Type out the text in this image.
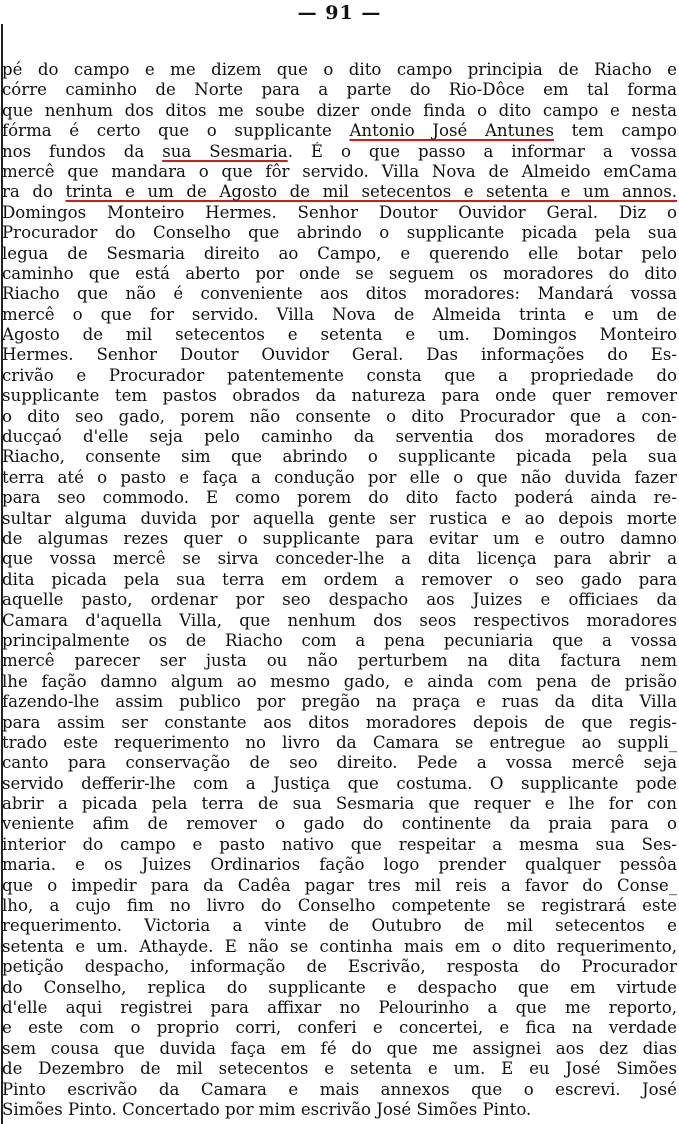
— 91 —
pé do campo e me dizem que o dito campo principia de Riacho e
córre caminho de Norte para a parte do Rio-Dôce em tal forma
que nenhum dos ditos me soube dizer onde finda o dito campo e nesta
fórma é certo que o supplicante Antonio José Antunes tem campo
nos fundos da sua Sesmaria. É o que passo a informar a vossa
mercê que mandara o que fôr servido. Villa Nova de Almeido emCama
ra do trinta e um de Agosto de mil setecentos e setenta e um annos.
Domingos Monteiro Hermes. Senhor Doutor Ouvidor Geral. Diz o
Procurador do Conselho que abrindo o supplicante picada pela sua
legua de Sesmaria direito ao Campo, e querendo elle botar pelo
caminho que está aberto por onde se seguem os moradores do dito
Riacho que não é conveniente aos ditos moradores: Mandará vossa
mercê o que for servido. Villa Nova de Almeida trinta e um de
Agosto de mil setecentos e setenta e um. Domingos Monteiro
Hermes. Senhor Doutor Ouvidor Geral. Das informações do Es-
crivão e Procurador patentemente consta que a propriedade do
supplicante tem pastos obrados da natureza para onde quer remover
o dito seo gado, porem não consente o dito Procurador que a con-
ducçaó d'elle seja pelo caminho da serventia dos moradores de
Riacho, consente sim que abrindo o supplicante picada pela sua
terra até o pasto e faça a condução por elle o que não duvida fazer
para seo commodo. E como porem do dito facto poderá ainda re-
sultar alguma duvida por aquella gente ser rustica e ao depois morte
de algumas rezes quer o supplicante para evitar um e outro damno
que vossa mercê se sirva conceder-lhe a dita licença para abrir a
dita picada pela sua terra em ordem a remover o seo gado para
aquelle pasto, ordenar por seo despacho aos Juizes e officiaes da
Camara d'aquella Villa, que nenhum dos seos respectivos moradores
principalmente os de Riacho com a pena pecuniaria que a vossa
mercê parecer ser justa ou não perturbem na dita factura nem
lhe fação damno algum ao mesmo gado, e ainda com pena de prisão
fazendo-lhe assim publico por pregão na praça e ruas da dita Villa
para assim ser constante aos ditos moradores depois de que regis-
trado este requerimento no livro da Camara se entregue ao suppli_
canto para conservação de seo direito. Pede a vossa mercê seja
servido defferir-lhe com a Justiça que costuma. O supplicante pode
abrir a picada pela terra de sua Sesmaria que requer e lhe for con
veniente afim de remover o gado do continente da praia para o
interior do campo e pasto nativo que respeitar a mesma sua Ses-
maria. e os Juizes Ordinarios fação logo prender qualquer pessôa
que o impedir para da Cadêa pagar tres mil reis a favor do Conse_
lho, a cujo fim no livro do Conselho competente se registrará este
requerimento. Victoria a vinte de Outubro de mil setecentos e
setenta e um. Athayde. E não se continha mais em o dito requerimento,
petição despacho, informação de Escrivão, resposta do Procurador
do Conselho, replica do supplicante e despacho que em virtude
d'elle aqui registrei para affixar no Pelourinho a que me reporto,
e este com o proprio corri, conferi e concertei, e fica na verdade
sem cousa que duvida faça em fé do que me assignei aos dez dias
de Dezembro de mil setecentos e setenta e um. E eu José Simões
Pinto escrivão da Camara e mais annexos que o escrevi. José
Simões Pinto. Concertado por mim escrivão José Simões Pinto.
